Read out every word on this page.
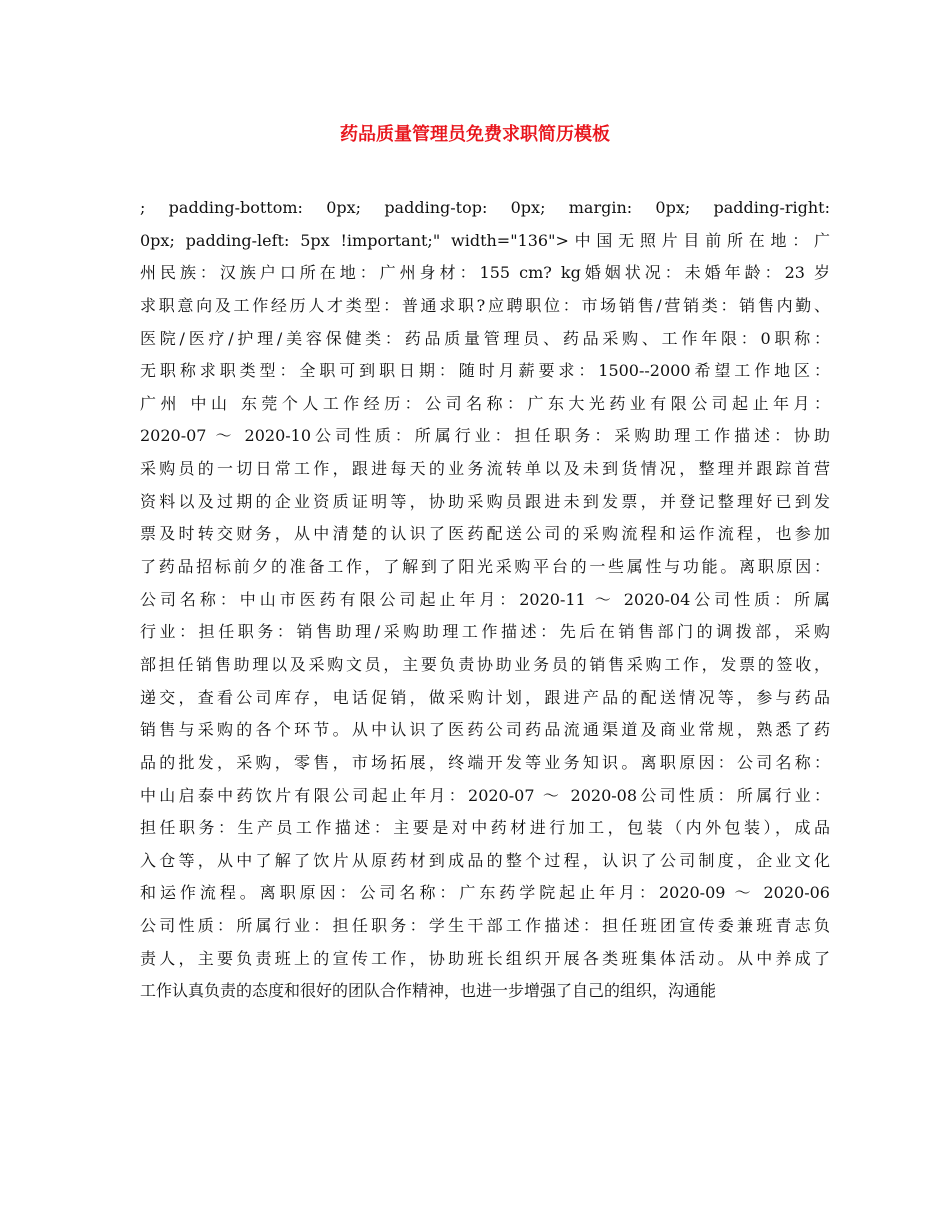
药品质量管理员免费求职简历模板
; padding-bottom: 0px; padding-top: 0px; margin: 0px; padding-right:
0px; padding-left: 5px !important;" width="136">中国无照片目前所在地：广
州民族：汉族户口所在地：广州身材：155 cm? kg婚姻状况：未婚年龄：23 岁
求职意向及工作经历人才类型：普通求职?应聘职位：市场销售/营销类：销售内勤、
医院/医疗/护理/美容保健类：药品质量管理员、药品采购、工作年限：0职称：
无职称求职类型：全职可到职日期：随时月薪要求：1500--2000希望工作地区：
广州 中山 东莞个人工作经历：公司名称：广东大光药业有限公司起止年月：
2020-07 ～ 2020-10公司性质：所属行业：担任职务：采购助理工作描述：协助
采购员的一切日常工作，跟进每天的业务流转单以及未到货情况，整理并跟踪首营
资料以及过期的企业资质证明等，协助采购员跟进未到发票，并登记整理好已到发
票及时转交财务，从中清楚的认识了医药配送公司的采购流程和运作流程，也参加
了药品招标前夕的准备工作，了解到了阳光采购平台的一些属性与功能。离职原因：
公司名称：中山市医药有限公司起止年月：2020-11 ～ 2020-04公司性质：所属
行业：担任职务：销售助理/采购助理工作描述：先后在销售部门的调拨部，采购
部担任销售助理以及采购文员，主要负责协助业务员的销售采购工作，发票的签收，
递交，查看公司库存，电话促销，做采购计划，跟进产品的配送情况等，参与药品
销售与采购的各个环节。从中认识了医药公司药品流通渠道及商业常规，熟悉了药
品的批发，采购，零售，市场拓展，终端开发等业务知识。离职原因：公司名称：
中山启泰中药饮片有限公司起止年月：2020-07 ～ 2020-08公司性质：所属行业：
担任职务：生产员工作描述：主要是对中药材进行加工，包装（内外包装），成品
入仓等，从中了解了饮片从原药材到成品的整个过程，认识了公司制度，企业文化
和运作流程。离职原因：公司名称：广东药学院起止年月：2020-09 ～ 2020-06
公司性质：所属行业：担任职务：学生干部工作描述：担任班团宣传委兼班青志负
责人，主要负责班上的宣传工作，协助班长组织开展各类班集体活动。从中养成了
工作认真负责的态度和很好的团队合作精神，也进一步增强了自己的组织，沟通能
